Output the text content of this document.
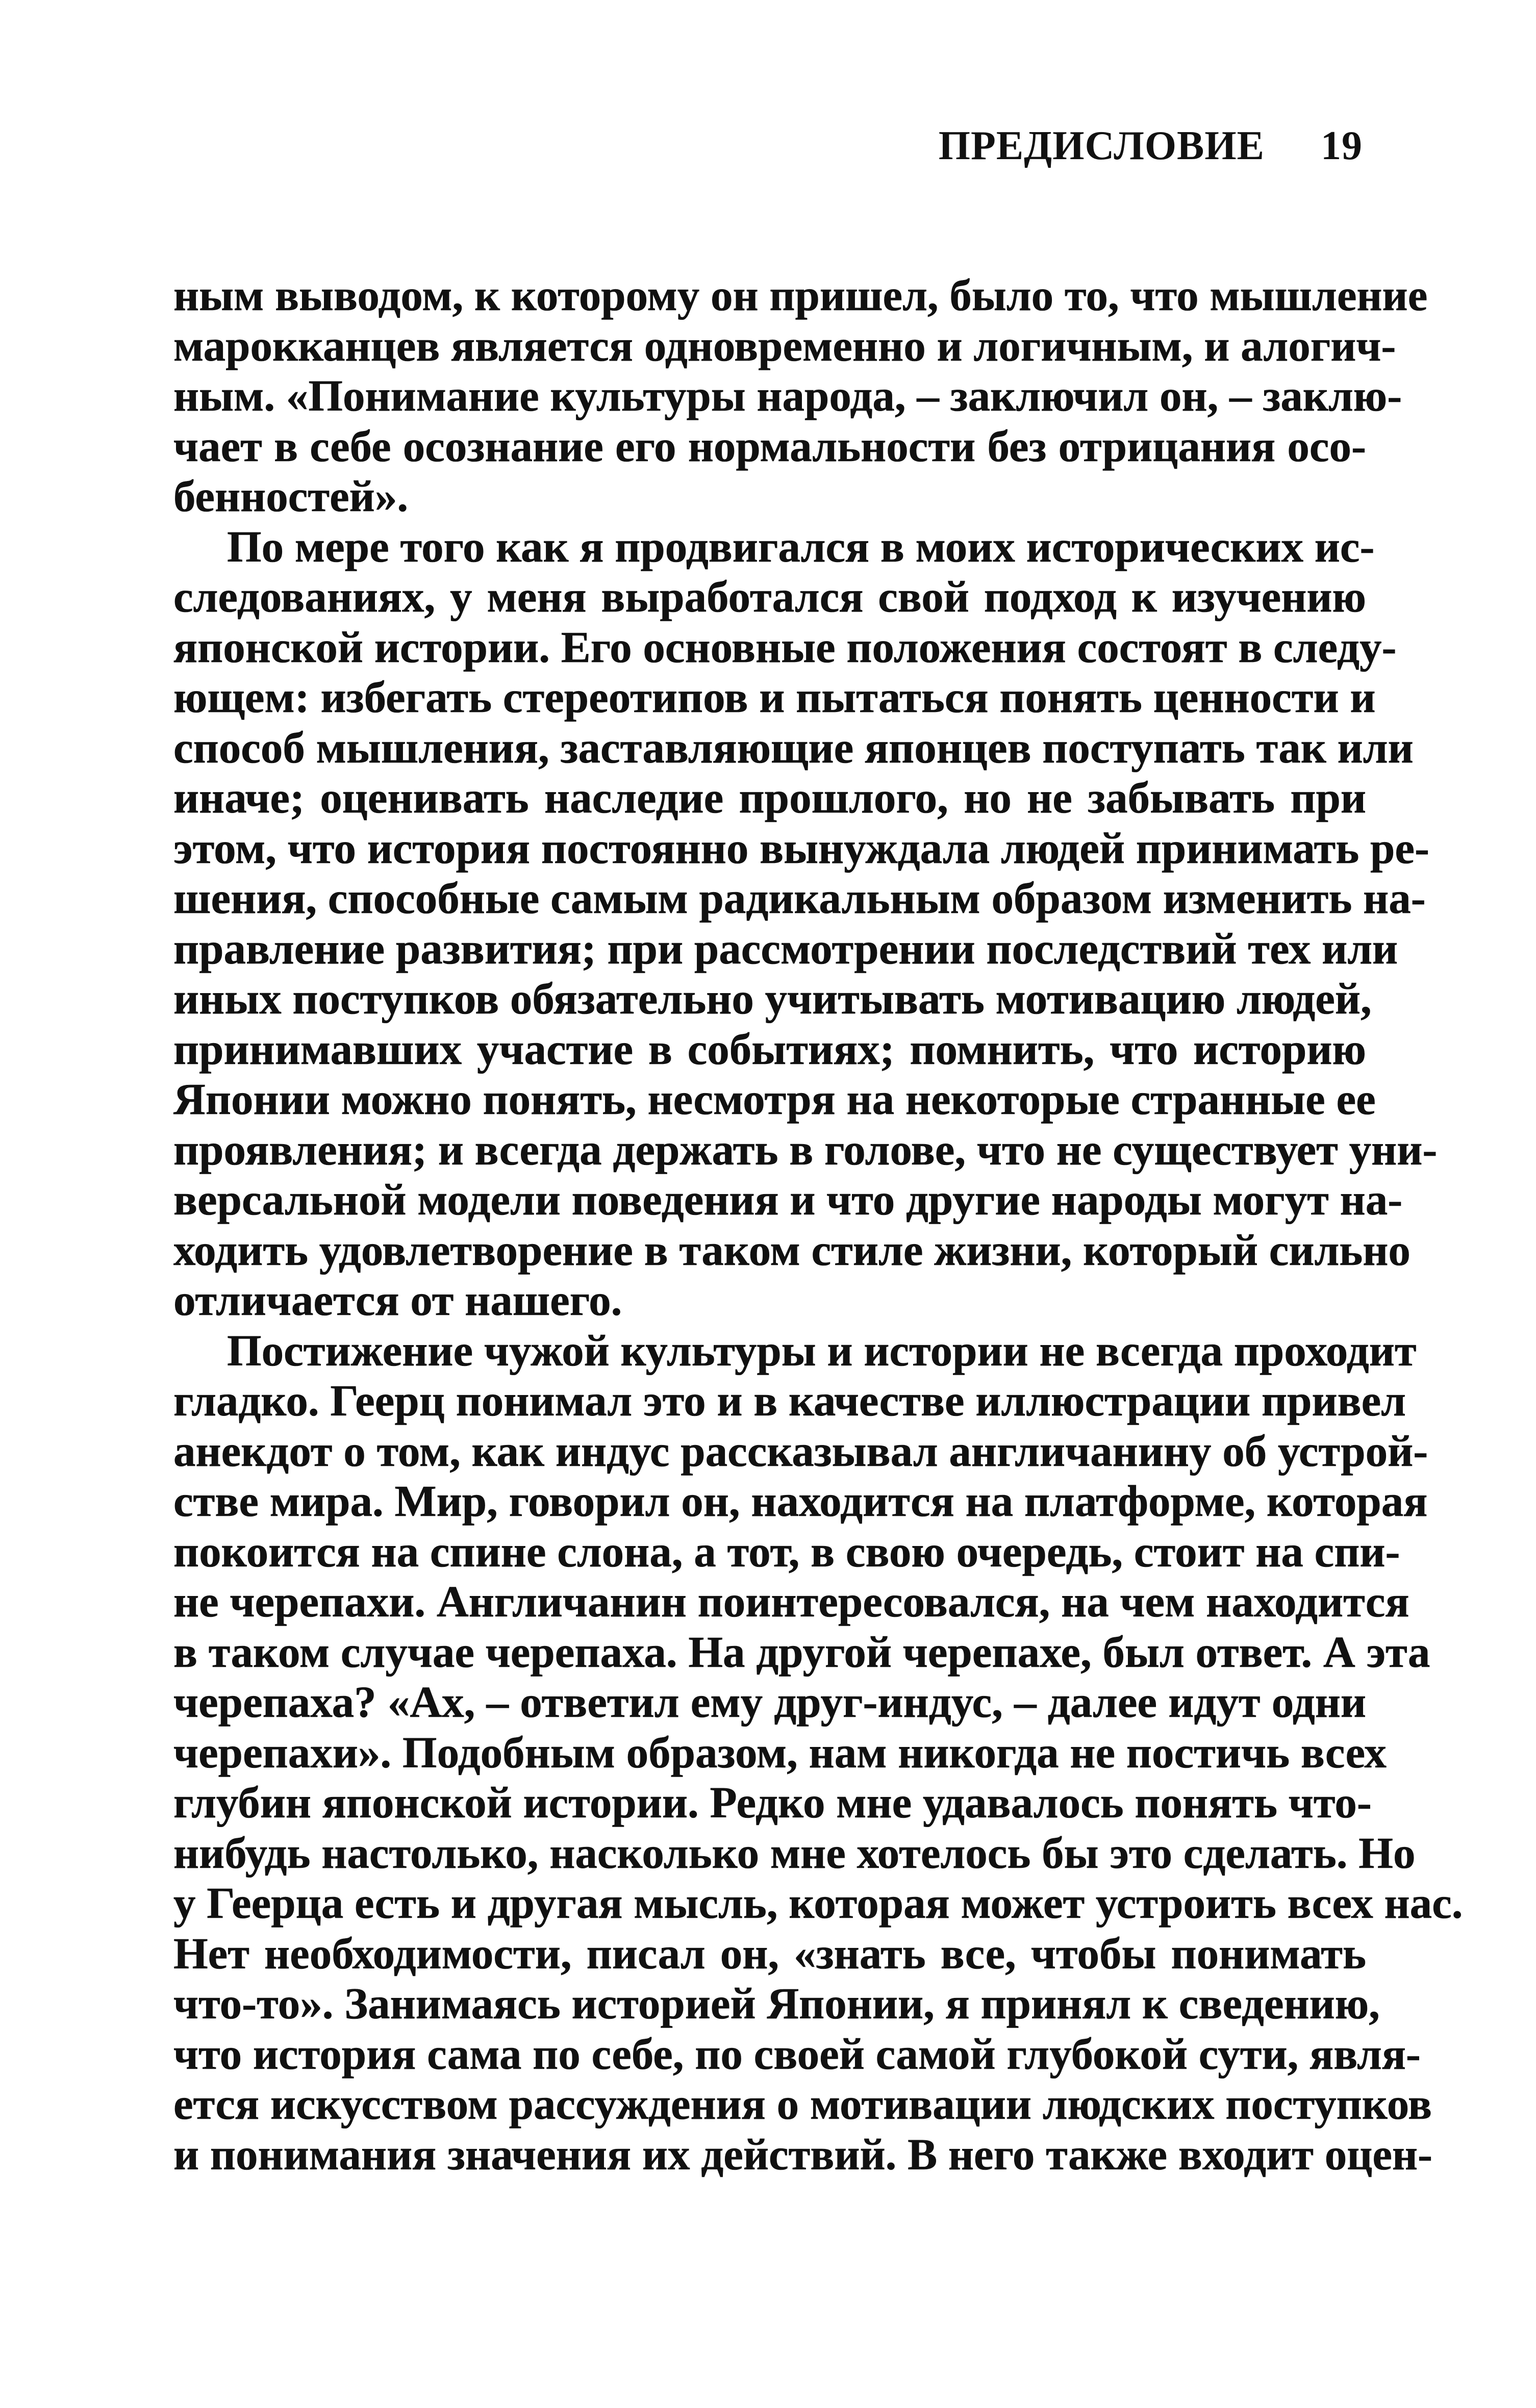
ПРЕДИСЛОВИЕ 19

ным выводом, к которому он пришел, было то, что мышление
марокканцев является одновременно и логичным, и алогич-
ным. «Понимание культуры народа, – заключил он, – заклю-
чает в себе осознание его нормальности без отрицания осо-
бенностей».

По мере того как я продвигался в моих исторических ис-
следованиях, у меня выработался свой подход к изучению
японской истории. Его основные положения состоят в следу-
ющем: избегать стереотипов и пытаться понять ценности и
способ мышления, заставляющие японцев поступать так или
иначе; оценивать наследие прошлого, но не забывать при
этом, что история постоянно вынуждала людей принимать ре-
шения, способные самым радикальным образом изменить на-
правление развития; при рассмотрении последствий тех или
иных поступков обязательно учитывать мотивацию людей,
принимавших участие в событиях; помнить, что историю
Японии можно понять, несмотря на некоторые странные ее
проявления; и всегда держать в голове, что не существует уни-
версальной модели поведения и что другие народы могут на-
ходить удовлетворение в таком стиле жизни, который сильно
отличается от нашего.

Постижение чужой культуры и истории не всегда проходит
гладко. Геерц понимал это и в качестве иллюстрации привел
анекдот о том, как индус рассказывал англичанину об устрой-
стве мира. Мир, говорил он, находится на платформе, которая
покоится на спине слона, а тот, в свою очередь, стоит на спи-
не черепахи. Англичанин поинтересовался, на чем находится
в таком случае черепаха. На другой черепахе, был ответ. А эта
черепаха? «Ах, – ответил ему друг-индус, – далее идут одни
черепахи». Подобным образом, нам никогда не постичь всех
глубин японской истории. Редко мне удавалось понять что-
нибудь настолько, насколько мне хотелось бы это сделать. Но
у Геерца есть и другая мысль, которая может устроить всех нас.
Нет необходимости, писал он, «знать все, чтобы понимать
что-то». Занимаясь историей Японии, я принял к сведению,
что история сама по себе, по своей самой глубокой сути, явля-
ется искусством рассуждения о мотивации людских поступков
и понимания значения их действий. В него также входит оцен-
